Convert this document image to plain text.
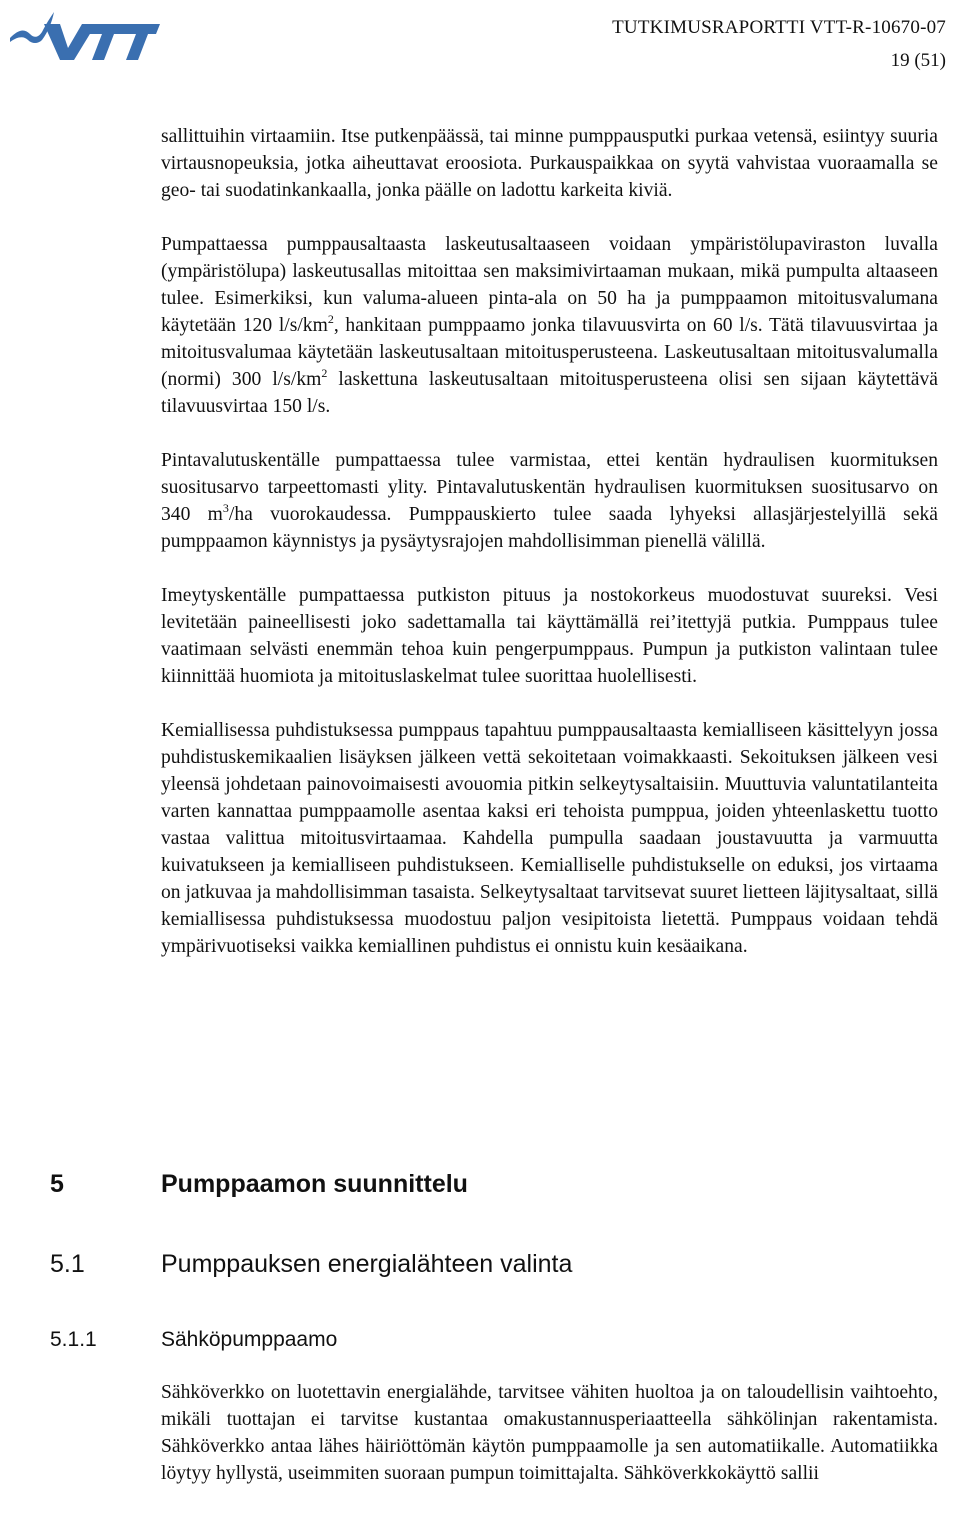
TUTKIMUSRAPORTTI VTT-R-10670-07
19 (51)

sallittuihin virtaamiin. Itse putkenpäässä, tai minne pumppausputki purkaa vetensä, esiintyy suuria virtausnopeuksia, jotka aiheuttavat eroosiota. Purkauspaikkaa on syytä vahvistaa vuoraamalla se geo- tai suodatinkankaalla, jonka päälle on ladottu karkeita kiviä.

Pumpattaessa pumppausaltaasta laskeutusaltaaseen voidaan ympäristölupaviraston luvalla (ympäristölupa) laskeutusallas mitoittaa sen maksimivirtaaman mukaan, mikä pumpulta altaaseen tulee. Esimerkiksi, kun valuma-alueen pinta-ala on 50 ha ja pumppaamon mitoitusvalumana käytetään 120 $l/s/km^2$, hankitaan pumppaamo jonka tilavuusvirta on 60 l/s. Tätä tilavuusvirtaa ja mitoitusvalumaa käytetään laskeutusaltaan mitoitusperusteena. Laskeutusaltaan mitoitusvalumalla (normi) 300 $l/s/km^2$ laskettuna laskeutusaltaan mitoitusperusteena olisi sen sijaan käytettävä tilavuusvirtaa 150 l/s.

Pintavalutuskentälle pumpattaessa tulee varmistaa, ettei kentän hydraulisen kuormituksen suositusarvo tarpeettomasti ylity. Pintavalutuskentän hydraulisen kuormituksen suositusarvo on 340 $m^3/ha$ vuorokaudessa. Pumppauskierto tulee saada lyhyeksi allasjärjestelyillä sekä pumppaamon käynnistys ja pysäytysrajojen mahdollisimman pienellä välillä.

Imeytyskentälle pumpattaessa putkiston pituus ja nostokorkeus muodostuvat suureksi. Vesi levitetään paineellisesti joko sadettamalla tai käyttämällä rei’itettyjä putkia. Pumppaus tulee vaatimaan selvästi enemmän tehoa kuin pengerpumppaus. Pumpun ja putkiston valintaan tulee kiinnittää huomiota ja mitoituslaskelmat tulee suorittaa huolellisesti.

Kemiallisessa puhdistuksessa pumppaus tapahtuu pumppausaltaasta kemialliseen käsittelyyn jossa puhdistuskemikaalien lisäyksen jälkeen vettä sekoitetaan voimakkaasti. Sekoituksen jälkeen vesi yleensä johdetaan painovoimaisesti avouomia pitkin selkeytysaltaisiin. Muuttuvia valuntatilanteita varten kannattaa pumppaamolle asentaa kaksi eri tehoista pumppua, joiden yhteenlaskettu tuotto vastaa valittua mitoitusvirtaamaa. Kahdella pumpulla saadaan joustavuutta ja varmuutta kuivatukseen ja kemialliseen puhdistukseen. Kemialliselle puhdistukselle on eduksi, jos virtaama on jatkuvaa ja mahdollisimman tasaista. Selkeytysaltaat tarvitsevat suuret lietteen läjitysaltaat, sillä kemiallisessa puhdistuksessa muodostuu paljon vesipitoista lietettä. Pumppaus voidaan tehdä ympärivuotiseksi vaikka kemiallinen puhdistus ei onnistu kuin kesäaikana.

5	Pumppaamon suunnittelu
5.1	Pumppauksen energialähteen valinta
5.1.1	Sähköpumppaamo

Sähköverkko on luotettavin energialähde, tarvitsee vähiten huoltoa ja on taloudellisin vaihtoehto, mikäli tuottajan ei tarvitse kustantaa omakustannusperiaatteella sähkölinjan rakentamista. Sähköverkko antaa lähes häiriöttömän käytön pumppaamolle ja sen automatiikalle. Automatiikka löytyy hyllystä, useimmiten suoraan pumpun toimittajalta. Sähköverkkokäyttö sallii
